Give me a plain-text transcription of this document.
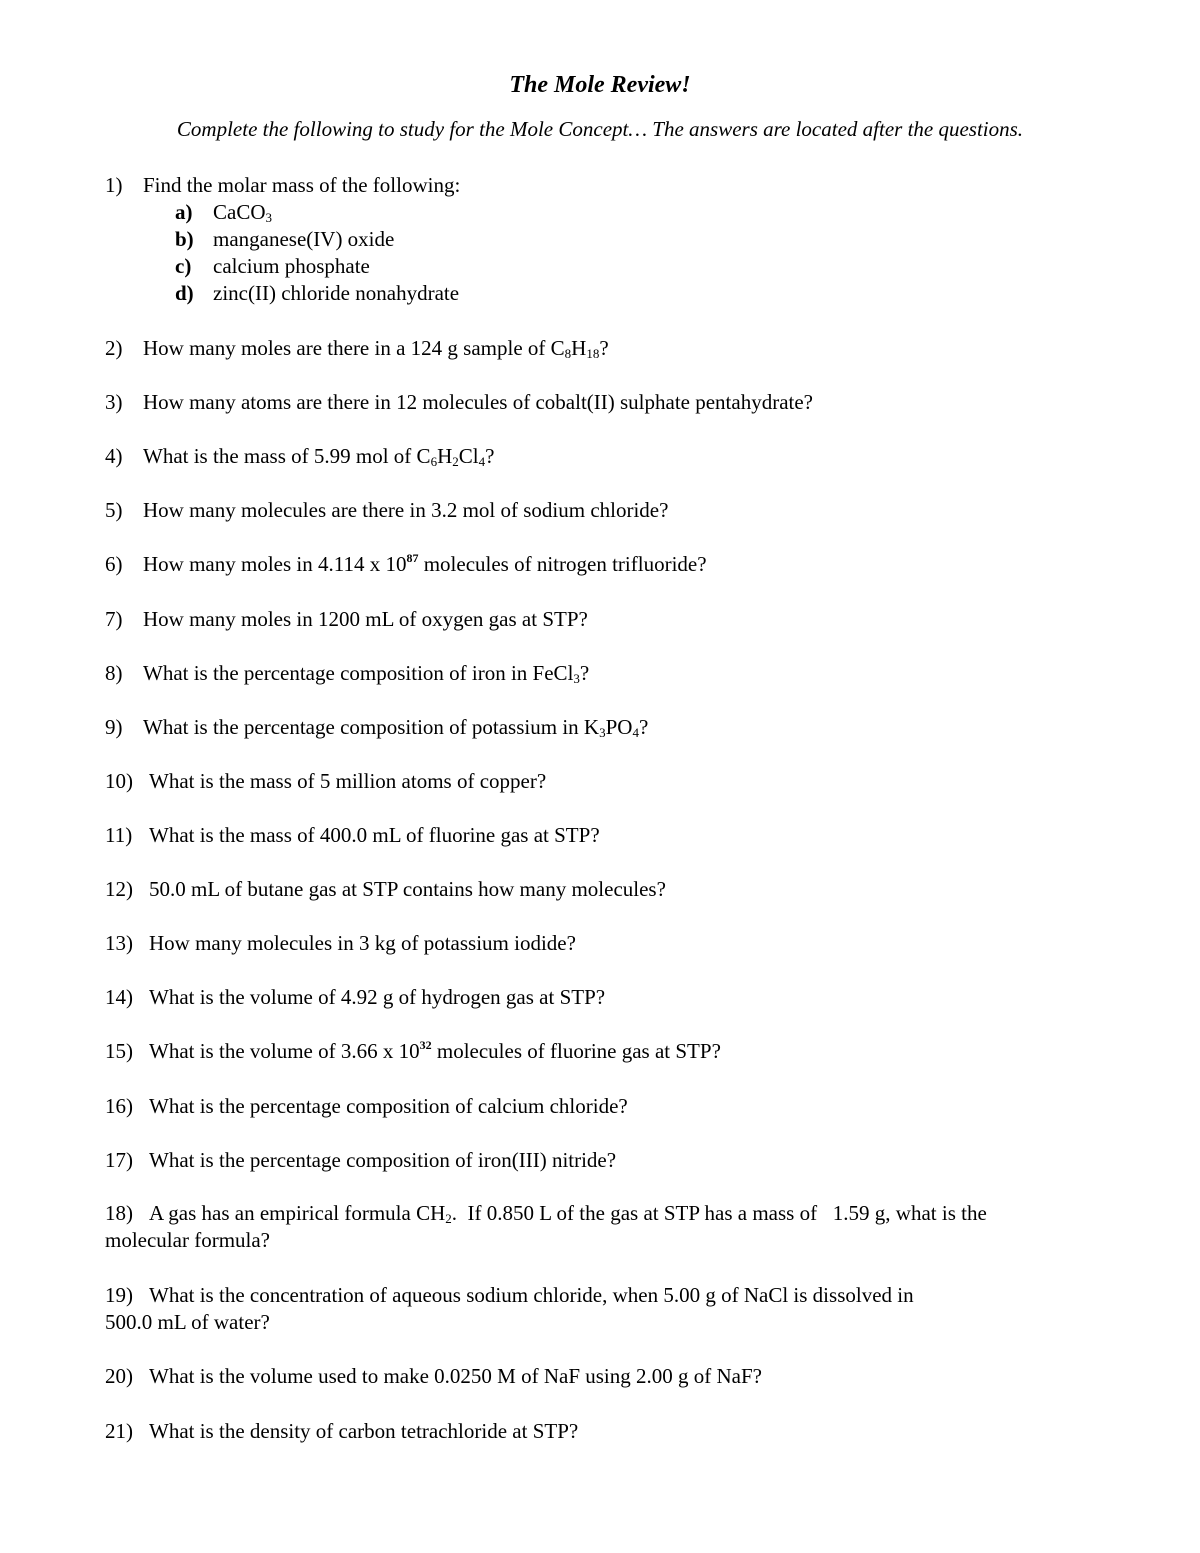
The Mole Review!
Complete the following to study for the Mole Concept… The answers are located after the questions.
1) Find the molar mass of the following:
a) CaCO$_3$
b) manganese(IV) oxide
c) calcium phosphate
d) zinc(II) chloride nonahydrate
2) How many moles are there in a 124 g sample of $C_8H_{18}$?
3) How many atoms are there in 12 molecules of cobalt(II) sulphate pentahydrate?
4) What is the mass of 5.99 mol of $C_6H_2Cl_4$?
5) How many molecules are there in 3.2 mol of sodium chloride?
6) How many moles in 4.114 x $10^{87}$ molecules of nitrogen trifluoride?
7) How many moles in 1200 mL of oxygen gas at STP?
8) What is the percentage composition of iron in FeCl$_3$?
9) What is the percentage composition of potassium in $K_3PO_4$?
10) What is the mass of 5 million atoms of copper?
11) What is the mass of 400.0 mL of fluorine gas at STP?
12) 50.0 mL of butane gas at STP contains how many molecules?
13) How many molecules in 3 kg of potassium iodide?
14) What is the volume of 4.92 g of hydrogen gas at STP?
15) What is the volume of 3.66 x $10^{32}$ molecules of fluorine gas at STP?
16) What is the percentage composition of calcium chloride?
17) What is the percentage composition of iron(III) nitride?
18) A gas has an empirical formula $CH_2$.  If 0.850 L of the gas at STP has a mass of   1.59 g, what is the
molecular formula?
19) What is the concentration of aqueous sodium chloride, when 5.00 g of NaCl is dissolved in
500.0 mL of water?
20) What is the volume used to make 0.0250 M of NaF using 2.00 g of NaF?
21) What is the density of carbon tetrachloride at STP?
